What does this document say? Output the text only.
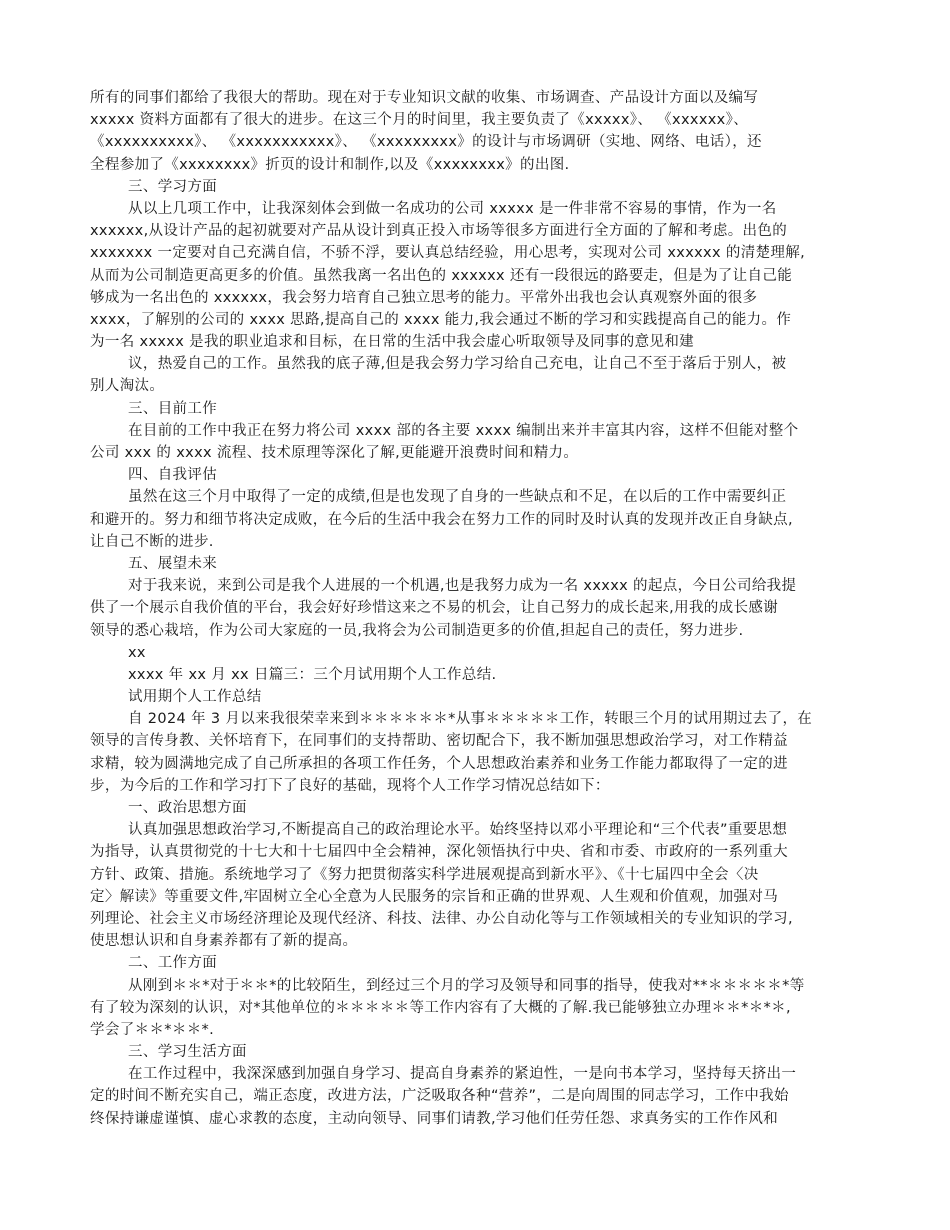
所有的同事们都给了我很大的帮助。现在对于专业知识文献的收集、市场调查、产品设计方面以及编写
xxxxx 资料方面都有了很大的进步。在这三个月的时间里，我主要负责了《xxxxx》、 《xxxxxx》、
《xxxxxxxxxx》、 《xxxxxxxxxxx》、 《xxxxxxxxx》的设计与市场调研（实地、网络、电话），还
全程参加了《xxxxxxxx》折页的设计和制作,以及《xxxxxxxx》的出图.
三、学习方面
从以上几项工作中，让我深刻体会到做一名成功的公司 xxxxx 是一件非常不容易的事情，作为一名
xxxxxx,从设计产品的起初就要对产品从设计到真正投入市场等很多方面进行全方面的了解和考虑。出色的
xxxxxxx 一定要对自己充满自信，不骄不浮，要认真总结经验，用心思考，实现对公司 xxxxxx 的清楚理解,
从而为公司制造更高更多的价值。虽然我离一名出色的 xxxxxx 还有一段很远的路要走，但是为了让自己能
够成为一名出色的 xxxxxx，我会努力培育自己独立思考的能力。平常外出我也会认真观察外面的很多
xxxx，了解别的公司的 xxxx 思路,提高自己的 xxxx 能力,我会通过不断的学习和实践提高自己的能力。作
为一名 xxxxx 是我的职业追求和目标，在日常的生活中我会虚心听取领导及同事的意见和建
议，热爱自己的工作。虽然我的底子薄,但是我会努力学习给自己充电，让自己不至于落后于别人，被
别人淘汰。
三、目前工作
在目前的工作中我正在努力将公司 xxxx 部的各主要 xxxx 编制出来并丰富其内容，这样不但能对整个
公司 xxx 的 xxxx 流程、技术原理等深化了解,更能避开浪费时间和精力。
四、自我评估
虽然在这三个月中取得了一定的成绩,但是也发现了自身的一些缺点和不足，在以后的工作中需要纠正
和避开的。努力和细节将决定成败，在今后的生活中我会在努力工作的同时及时认真的发现并改正自身缺点,
让自己不断的进步.
五、展望未来
对于我来说，来到公司是我个人进展的一个机遇,也是我努力成为一名 xxxxx 的起点，今日公司给我提
供了一个展示自我价值的平台，我会好好珍惜这来之不易的机会，让自己努力的成长起来,用我的成长感谢
领导的悉心栽培，作为公司大家庭的一员,我将会为公司制造更多的价值,担起自己的责任，努力进步.
xx
xxxx 年 xx 月 xx 日篇三：三个月试用期个人工作总结.
试用期个人工作总结
自 2024 年 3 月以来我很荣幸来到＊＊＊＊＊＊*从事＊＊＊＊＊工作，转眼三个月的试用期过去了，在
领导的言传身教、关怀培育下，在同事们的支持帮助、密切配合下，我不断加强思想政治学习，对工作精益
求精，较为圆满地完成了自己所承担的各项工作任务，个人思想政治素养和业务工作能力都取得了一定的进
步，为今后的工作和学习打下了良好的基础，现将个人工作学习情况总结如下：
一、政治思想方面
认真加强思想政治学习,不断提高自己的政治理论水平。始终坚持以邓小平理论和“三个代表”重要思想
为指导，认真贯彻党的十七大和十七届四中全会精神，深化领悟执行中央、省和市委、市政府的一系列重大
方针、政策、措施。系统地学习了《努力把贯彻落实科学进展观提高到新水平》、《十七届四中全会〈决
定〉解读》等重要文件,牢固树立全心全意为人民服务的宗旨和正确的世界观、人生观和价值观，加强对马
列理论、社会主义市场经济理论及现代经济、科技、法律、办公自动化等与工作领域相关的专业知识的学习,
使思想认识和自身素养都有了新的提高。
二、工作方面
从刚到＊＊*对于＊＊*的比较陌生，到经过三个月的学习及领导和同事的指导，使我对**＊＊＊＊＊*等
有了较为深刻的认识，对*其他单位的＊＊＊＊＊等工作内容有了大概的了解.我已能够独立办理＊＊*＊*＊,
学会了＊＊*＊＊*.
三、学习生活方面
在工作过程中，我深深感到加强自身学习、提高自身素养的紧迫性，一是向书本学习，坚持每天挤出一
定的时间不断充实自己，端正态度，改进方法，广泛吸取各种“营养”，二是向周围的同志学习，工作中我始
终保持谦虚谨慎、虚心求教的态度，主动向领导、同事们请教,学习他们任劳任怨、求真务实的工作作风和
